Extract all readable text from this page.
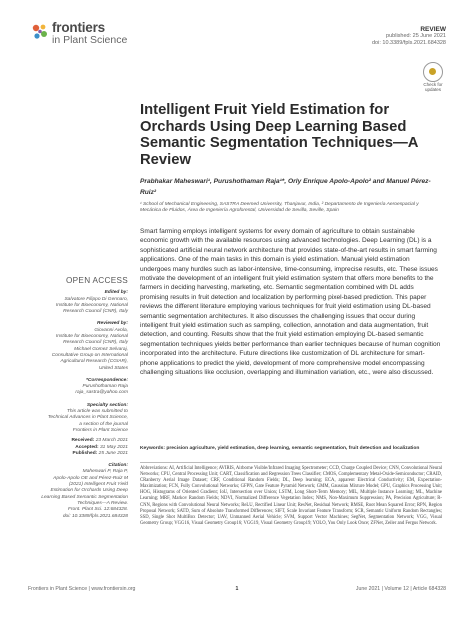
frontiers
in Plant Science
REVIEW
published: 25 June 2021
doi: 10.3389/fpls.2021.684328
Check for updates
Intelligent Fruit Yield Estimation for Orchards Using Deep Learning Based Semantic Segmentation Techniques—A Review
Prabhakar Maheswari¹, Purushothaman Raja¹*, Orly Enrique Apolo-Apolo² and Manuel Pérez-Ruiz²
¹ School of Mechanical Engineering, SASTRA Deemed University, Thanjavur, India, ² Departamento de Ingeniería Aeroespacial y Mecánica de Fluidos, Área de Ingeniería Agroforestal, Universidad de Sevilla, Seville, Spain

Smart farming employs intelligent systems for every domain of agriculture to obtain sustainable economic growth with the available resources using advanced technologies. Deep Learning (DL) is a sophisticated artificial neural network architecture that provides state-of-the-art results in smart farming applications. One of the main tasks in this domain is yield estimation. Manual yield estimation undergoes many hurdles such as labor-intensive, time-consuming, imprecise results, etc. These issues motivate the development of an intelligent fruit yield estimation system that offers more benefits to the farmers in deciding harvesting, marketing, etc. Semantic segmentation combined with DL adds promising results in fruit detection and localization by performing pixel-based prediction. This paper reviews the different literature employing various techniques for fruit yield estimation using DL-based semantic segmentation architectures. It also discusses the challenging issues that occur during intelligent fruit yield estimation such as sampling, collection, annotation and data augmentation, fruit detection, and counting. Results show that the fruit yield estimation employing DL-based semantic segmentation techniques yields better performance than earlier techniques because of human cognition incorporated into the architecture. Future directions like customization of DL architecture for smart-phone applications to predict the yield, development of more comprehensive model encompassing challenging situations like occlusion, overlapping and illumination variation, etc., were also discussed.

Keywords: precision agriculture, yield estimation, deep learning, semantic segmentation, fruit detection and localization

Abbreviations: AI, Artificial Intelligence; AVIRIS, Airborne Visible/Infrared Imaging Spectrometer; CCD, Charge Coupled Device; CNN, Convolutional Neural Networks; CPU, Central Processing Unit; CART, Classification and Regression Trees Classifier; CMOS, Complementary Metal-Oxide-Semiconductor; CRAID, CRanberry Aerial Image Dataset; CRF, Conditional Random Fields; DL, Deep learning; ECA, apparent Electrical Conductivity; EM, Expectation-Maximization; FCN, Fully Convolutional Networks; GFPN, Gate Feature Pyramid Network; GMM, Gaussian Mixture Model; GPU, Graphics Processing Unit; HOG, Histograms of Oriented Gradient; IoU, Intersection over Union; LSTM, Long Short-Term Memory; MIL, Multiple Instance Learning; ML, Machine Learning; MRF, Markov Random Fields; NDVI, Normalized Difference Vegetation Index; NMS, Non-Maximum Suppression; PA, Precision Agriculture; R-CNN, Regions with Convolutional Neural Networks; ReLU, Rectified Linear Unit; ResNet, Residual Network; RMSE, Root Mean Squared Error; RPN, Region Proposal Network; SATD, Sum of Absolute Transformed Differences; SIFT, Scale Invariant Feature Transform; SCR, Semantic Uniform Random Rectangles; SSD, Single Shot MultiBox Detector; UAV, Unmanned Aerial Vehicle; SVM, Support Vector Machines; SegNet, Segmentation Network; VGG, Visual Geometry Group; VGG16, Visual Geometry Group16; VGG19, Visual Geometry Group19; YOLO, You Only Look Once; ZFNet, Zeiler and Fergus Network.

OPEN ACCESS
Edited by:
Salvatore Filippo Di Gennaro,
Institute for Bioeconomy, National
Research Council (CNR), Italy
Reviewed by:
Giovanni Avola,
Institute for Bioeconomy, National
Research Council (CNR), Italy
Michael Gomez Selvaraj,
Consultative Group on International
Agricultural Research (CGIAR),
United States
*Correspondence:
Purushothaman Raja
raja_sastra@yahoo.com
Specialty section:
This article was submitted to
Technical Advances in Plant Science,
a section of the journal
Frontiers in Plant Science
Received: 23 March 2021
Accepted: 31 May 2021
Published: 25 June 2021
Citation:
Maheswari P, Raja P,
Apolo-Apolo OE and Pérez-Ruiz M
(2021) Intelligent Fruit Yield
Estimation for Orchards Using Deep
Learning Based Semantic Segmentation
Techniques—A Review.
Front. Plant Sci. 12:684328.
doi: 10.3389/fpls.2021.684328
Frontiers in Plant Science | www.frontiersin.org	1	June 2021 | Volume 12 | Article 684328
